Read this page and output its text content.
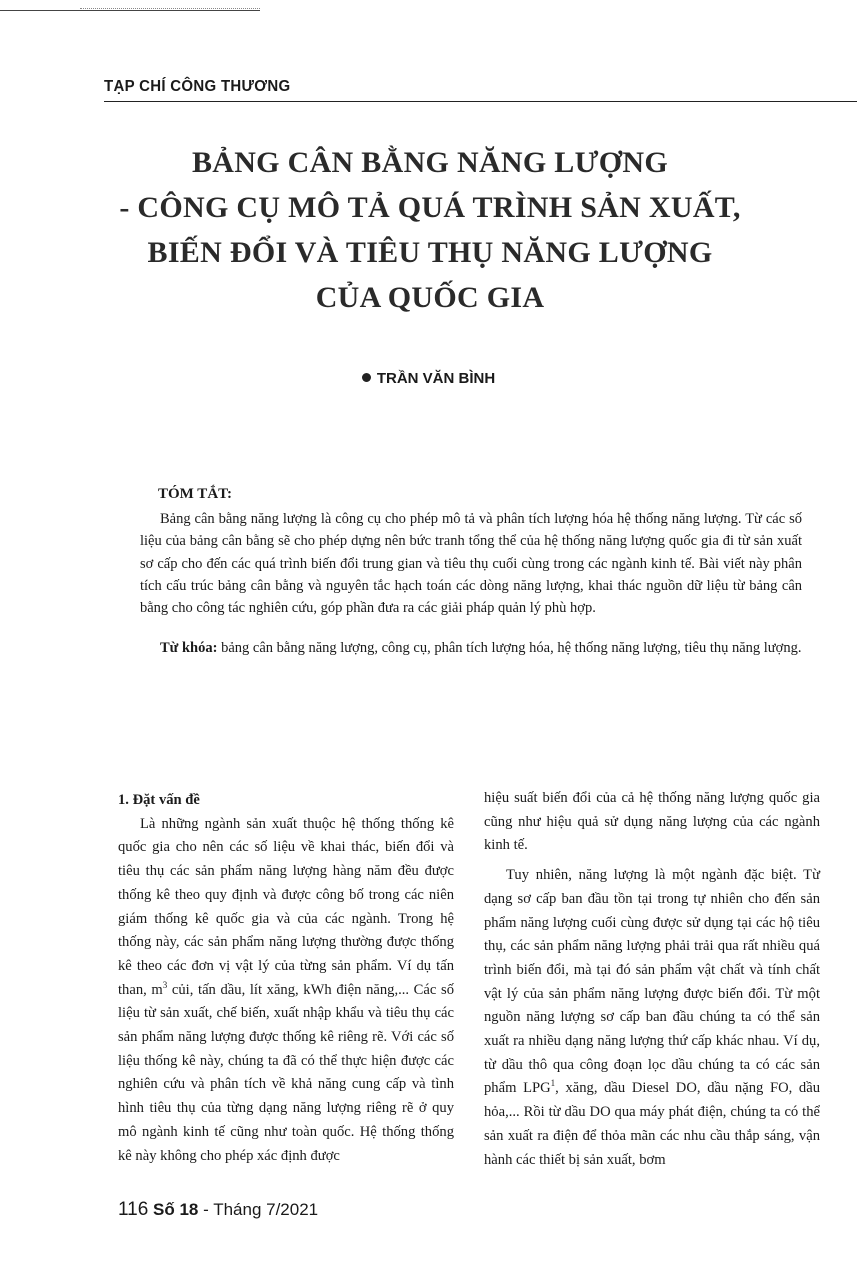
TẠP CHÍ CÔNG THƯƠNG
BẢNG CÂN BẰNG NĂNG LƯỢNG
- CÔNG CỤ MÔ TẢ QUÁ TRÌNH SẢN XUẤT,
BIẾN ĐỔI VÀ TIÊU THỤ NĂNG LƯỢNG
CỦA QUỐC GIA
TRẦN VĂN BÌNH
TÓM TẮT:
Bảng cân bằng năng lượng là công cụ cho phép mô tả và phân tích lượng hóa hệ thống năng lượng. Từ các số liệu của bảng cân bằng sẽ cho phép dựng nên bức tranh tổng thể của hệ thống năng lượng quốc gia đi từ sản xuất sơ cấp cho đến các quá trình biến đổi trung gian và tiêu thụ cuối cùng trong các ngành kinh tế. Bài viết này phân tích cấu trúc bảng cân bằng và nguyên tắc hạch toán các dòng năng lượng, khai thác nguồn dữ liệu từ bảng cân bằng cho công tác nghiên cứu, góp phần đưa ra các giải pháp quản lý phù hợp.
Từ khóa: bảng cân bằng năng lượng, công cụ, phân tích lượng hóa, hệ thống năng lượng, tiêu thụ năng lượng.

1. Đặt vấn đề

Là những ngành sản xuất thuộc hệ thống thống kê quốc gia cho nên các số liệu về khai thác, biến đổi và tiêu thụ các sản phẩm năng lượng hàng năm đều được thống kê theo quy định và được công bố trong các niên giám thống kê quốc gia và của các ngành. Trong hệ thống này, các sản phẩm năng lượng thường được thống kê theo các đơn vị vật lý của từng sản phẩm. Ví dụ tấn than, $m^3$ củi, tấn dầu, lít xăng, kWh điện năng,... Các số liệu từ sản xuất, chế biến, xuất nhập khẩu và tiêu thụ các sản phẩm năng lượng được thống kê riêng rẽ. Với các số liệu thống kê này, chúng ta đã có thể thực hiện được các nghiên cứu và phân tích về khả năng cung cấp và tình hình tiêu thụ của từng dạng năng lượng riêng rẽ ở quy mô ngành kinh tế cũng như toàn quốc. Hệ thống thống kê này không cho phép xác định được

hiệu suất biến đổi của cả hệ thống năng lượng quốc gia cũng như hiệu quả sử dụng năng lượng của các ngành kinh tế.

Tuy nhiên, năng lượng là một ngành đặc biệt. Từ dạng sơ cấp ban đầu tồn tại trong tự nhiên cho đến sản phẩm năng lượng cuối cùng được sử dụng tại các hộ tiêu thụ, các sản phẩm năng lượng phải trải qua rất nhiều quá trình biến đổi, mà tại đó sản phẩm vật chất và tính chất vật lý của sản phẩm năng lượng được biến đổi. Từ một nguồn năng lượng sơ cấp ban đầu chúng ta có thể sản xuất ra nhiều dạng năng lượng thứ cấp khác nhau. Ví dụ, từ dầu thô qua công đoạn lọc dầu chúng ta có các sản phẩm LPG$^1$, xăng, dầu Diesel DO, dầu nặng FO, dầu hỏa,... Rồi từ dầu DO qua máy phát điện, chúng ta có thể sản xuất ra điện để thỏa mãn các nhu cầu thắp sáng, vận hành các thiết bị sản xuất, bơm

116 Số 18 - Tháng 7/2021
